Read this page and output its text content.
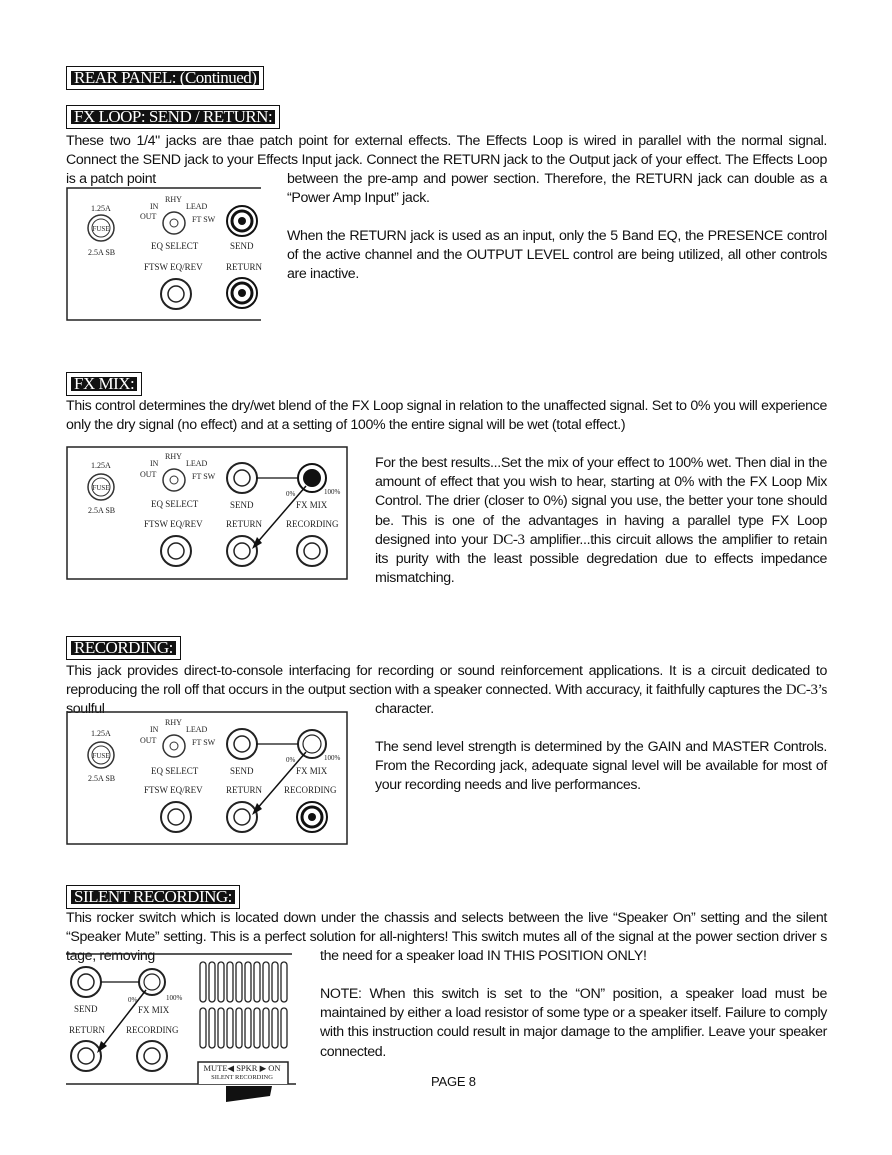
REAR PANEL: (Continued)
FX LOOP: SEND / RETURN:
FX MIX:
RECORDING:
SILENT RECORDING:
These two 1/4" jacks are thae patch point for external effects. The Effects Loop is wired in parallel with the normal signal. Connect the SEND jack to your Effects Input jack. Connect the RETURN jack to the Output jack of your effect. The Effects Loop is a patch point	between the pre-amp and power section. Therefore, the RETURN jack can double as a “Power Amp Input” jack.
When the RETURN jack is used as an input, only the 5 Band EQ, the PRESENCE control of the active channel and the OUTPUT LEVEL control are being utilized, all other controls are inactive.
1.25A
FUSE
2.5A SB
RHY
IN	LEAD
OUT	FT SW
EQ SELECT
FTSW EQ/REV
SEND
RETURN
This control determines the dry/wet blend of the FX Loop signal in relation to the unaffected signal. Set to 0% you will experience only the dry signal (no effect) and at a setting of 100% the entire signal will be wet (total effect.)
For the best results...Set the mix of your effect to 100% wet. Then dial in the amount of effect that you wish to hear, starting at 0% with the FX Loop Mix Control. The drier (closer to 0%) signal you use, the better your tone should be. This is one of the advantages in having a parallel type FX Loop designed into your DC-3 amplifier...this circuit allows the amplifier to retain its purity with the least possible degredation due to effects impedance mismatching.
1.25A
FUSE
2.5A SB
RHY
IN	LEAD
OUT	FT SW
EQ SELECT
FTSW EQ/REV
SEND
RETURN
0%	100%
FX MIX
RECORDING
This jack provides direct-to-console interfacing for recording or sound reinforcement applications. It is a circuit dedicated to reproducing the roll off that occurs in the output section with a speaker connected. With accuracy, it faithfully captures the DC-3’s soulful	character.
The send level strength is determined by the GAIN and MASTER Controls. From the Recording jack, adequate signal level will be available for most of your recording needs and live performances.
1.25A
FUSE
2.5A SB
RHY
IN	LEAD
OUT	FT SW
EQ SELECT
FTSW EQ/REV
SEND
RETURN
0%	100%
FX MIX
RECORDING
This rocker switch which is located down under the chassis and selects between the live “Speaker On” setting and the silent “Speaker Mute” setting. This is a perfect solution for all-nighters! This switch mutes all of the signal at the power section driver s tage, removing	the need for a speaker load IN THIS POSITION ONLY!
NOTE: When this switch is set to the “ON” position, a speaker load must be maintained by either a load resistor of some type or a speaker itself. Failure to comply with this instruction could result in major damage to the amplifier. Leave your speaker connected.
SEND
RETURN
0%	100%
FX MIX
RECORDING
MUTE◀ SPKR ▶ ON
SILENT RECORDING	PAGE 8
